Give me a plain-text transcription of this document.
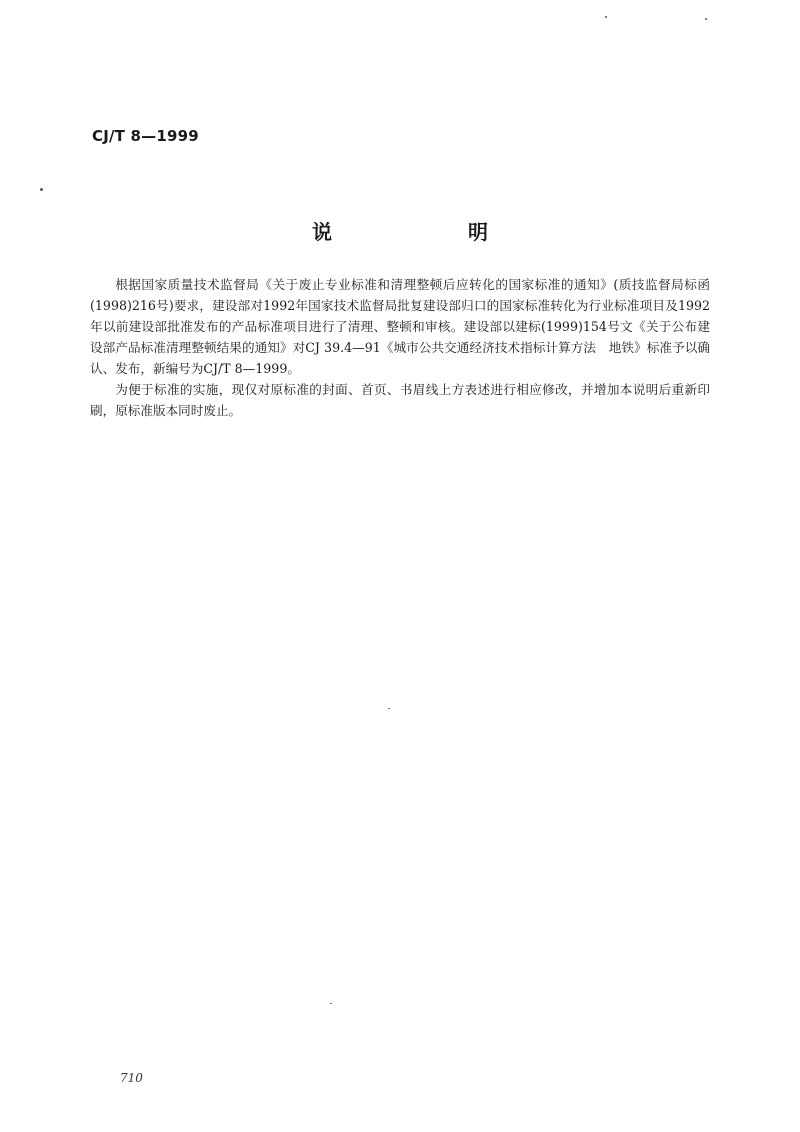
CJ/T 8—1999
说　明

根据国家质量技术监督局《关于废止专业标准和清理整顿后应转化的国家标准的通知》(质技监督局标函(1998)216号)要求，建设部对1992年国家技术监督局批复建设部归口的国家标准转化为行业标准项目及1992年以前建设部批准发布的产品标准项目进行了清理、整顿和审核。建设部以建标(1999)154号文《关于公布建设部产品标准清理整顿结果的通知》对CJ 39.4—91《城市公共交通经济技术指标计算方法　地铁》标准予以确认、发布，新编号为CJ/T 8—1999。

为便于标准的实施，现仅对原标准的封面、首页、书眉线上方表述进行相应修改，并增加本说明后重新印刷，原标准版本同时废止。

710
